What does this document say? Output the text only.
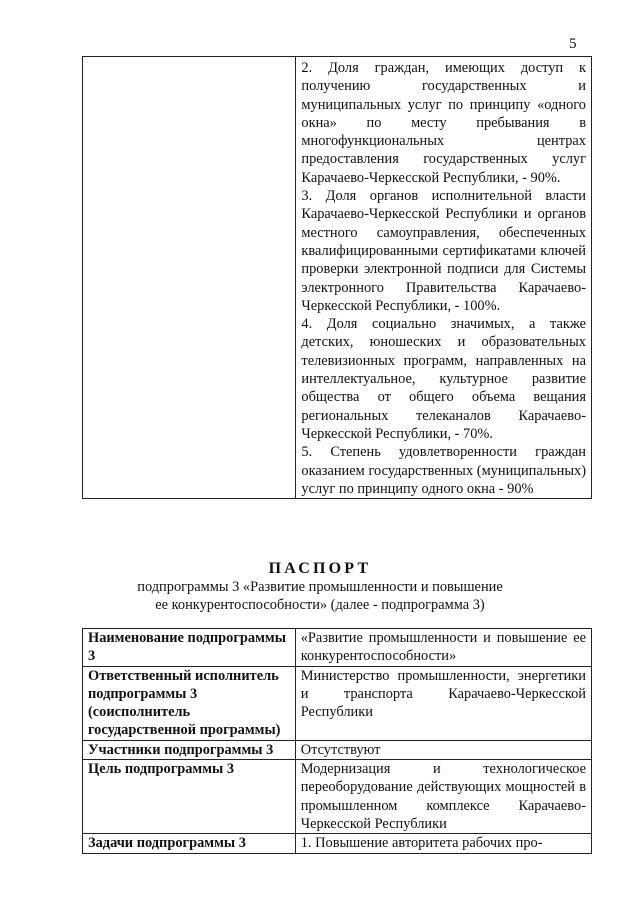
5

2. Доля граждан, имеющих доступ к получению государственных и муниципальных услуг по принципу «одного окна» по месту пребывания в многофункциональных центрах предоставления государственных услуг Карачаево-Черкесской Республики, - 90%.

3. Доля органов исполнительной власти Карачаево-Черкесской Республики и органов местного самоуправления, обеспеченных квалифицированными сертификатами ключей проверки электронной подписи для Системы электронного Правительства Карачаево-Черкесской Республики, - 100%.

4. Доля социально значимых, а также детских, юношеских и образовательных телевизионных программ, направленных на интеллектуальное, культурное развитие общества от общего объема вещания региональных телеканалов Карачаево-Черкесской Республики, - 70%.

5. Степень удовлетворенности граждан оказанием государственных (муниципальных) услуг по принципу одного окна - 90%

ПАСПОРТ
подпрограммы 3 «Развитие промышленности и повышение
ее конкурентоспособности» (далее - подпрограмма 3)
Наименование подпрограммы 3	«Развитие промышленности и повышение ее конкурентоспособности»
Ответственный исполнитель подпрограммы 3 (соисполнитель государственной программы)	Министерство промышленности, энергетики и транспорта Карачаево-Черкесской Республики
Участники подпрограммы 3	Отсутствуют
Цель подпрограммы 3	Модернизация и технологическое переоборудование действующих мощностей в промышленном комплексе Карачаево-Черкесской Республики
Задачи подпрограммы 3	1. Повышение авторитета рабочих про-
